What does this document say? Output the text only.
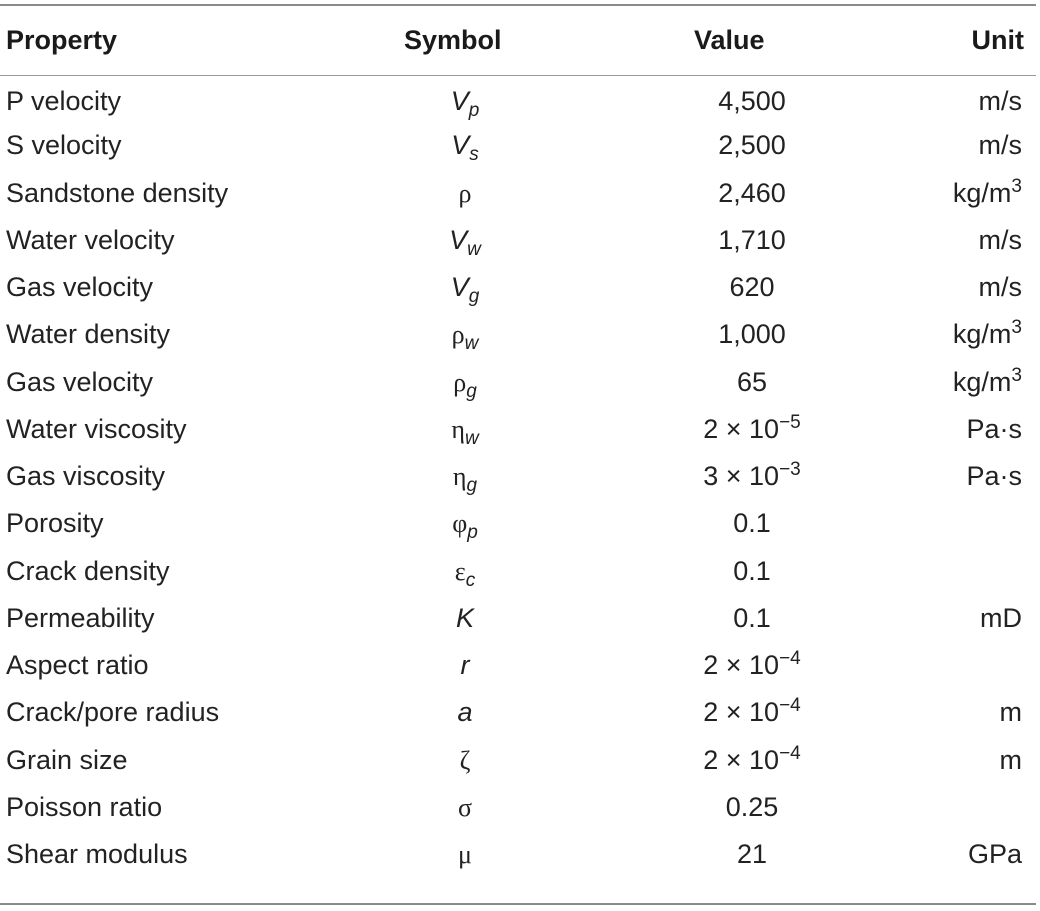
Property	Symbol	Value	Unit
P velocity	$V_p$	4,500	m/s
S velocity	$V_s$	2,500	m/s
Sandstone density	ρ	2,460	$kg/m^3$
Water velocity	$V_w$	1,710	m/s
Gas velocity	$V_g$	620	m/s
Water density	$\rho_w$	1,000	$kg/m^3$
Gas velocity	$\rho_g$	65	$kg/m^3$
Water viscosity	$\eta_w$	$2 \times 10^{-5}$	Pa·s
Gas viscosity	$\eta_g$	$3 \times 10^{-3}$	Pa·s
Porosity	$\varphi_p$	0.1	
Crack density	$\varepsilon_c$	0.1	
Permeability	K	0.1	mD
Aspect ratio	r	$2 \times 10^{-4}$	
Crack/pore radius	a	$2 \times 10^{-4}$	m
Grain size	ζ	$2 \times 10^{-4}$	m
Poisson ratio	σ	0.25	
Shear modulus	μ	21	GPa
